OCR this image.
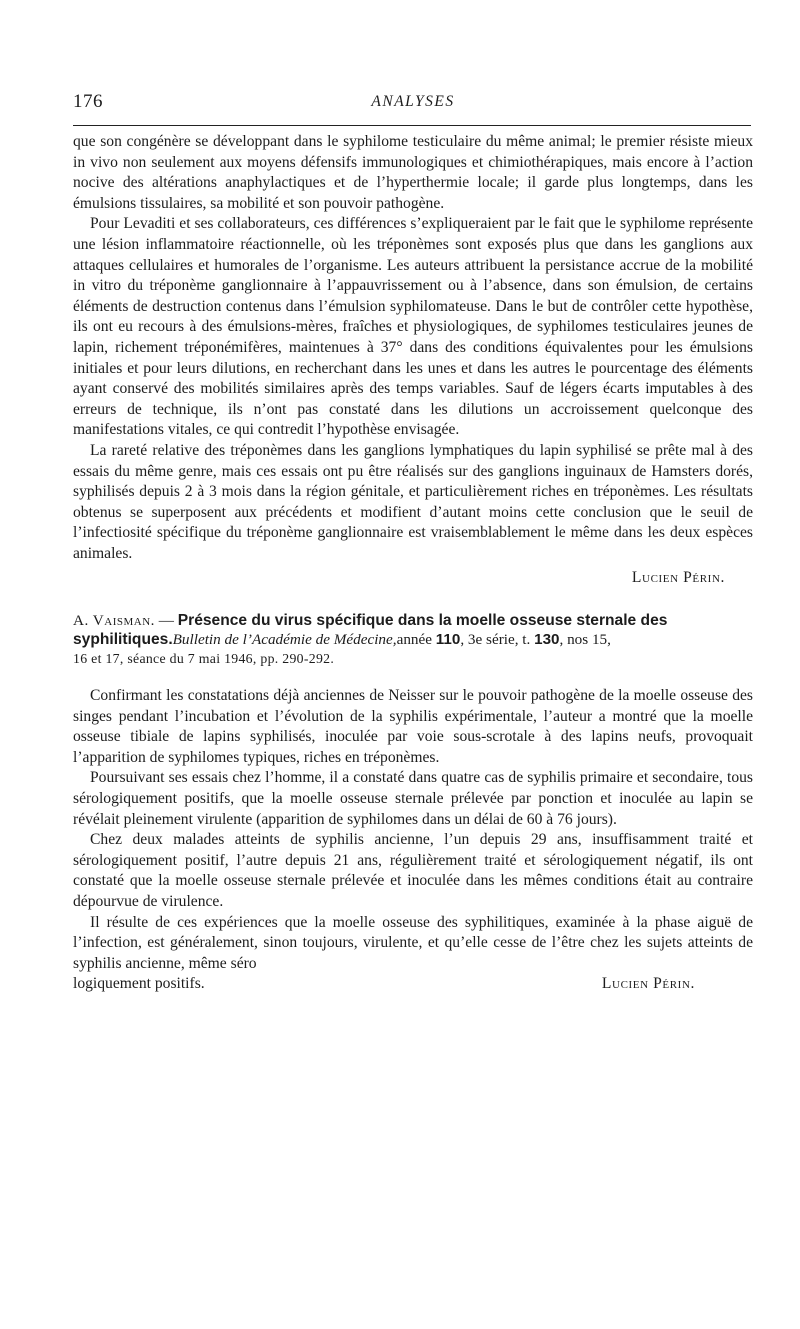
176	ANALYSES

que son congénère se développant dans le syphilome testiculaire du même animal; le premier résiste mieux in vivo non seulement aux moyens défensifs immunologiques et chimiothérapiques, mais encore à l’action nocive des altérations anaphylactiques et de l’hyperthermie locale; il garde plus longtemps, dans les émulsions tissulaires, sa mobilité et son pouvoir pathogène.

Pour Levaditi et ses collaborateurs, ces différences s’expliqueraient par le fait que le syphilome représente une lésion inflammatoire réactionnelle, où les tréponèmes sont exposés plus que dans les ganglions aux attaques cellulaires et humorales de l’organisme. Les auteurs attribuent la persistance accrue de la mobilité in vitro du tréponème ganglionnaire à l’appauvrissement ou à l’absence, dans son émulsion, de certains éléments de destruction contenus dans l’émulsion syphilomateuse. Dans le but de contrôler cette hypothèse, ils ont eu recours à des émulsions-mères, fraîches et physiologiques, de syphilomes testiculaires jeunes de lapin, richement tréponémifères, maintenues à 37° dans des conditions équivalentes pour les émulsions initiales et pour leurs dilutions, en recherchant dans les unes et dans les autres le pourcentage des éléments ayant conservé des mobilités similaires après des temps variables. Sauf de légers écarts imputables à des erreurs de technique, ils n’ont pas constaté dans les dilutions un accroissement quelconque des manifestations vitales, ce qui contredit l’hypothèse envisagée.

La rareté relative des tréponèmes dans les ganglions lymphatiques du lapin syphilisé se prête mal à des essais du même genre, mais ces essais ont pu être réalisés sur des ganglions inguinaux de Hamsters dorés, syphilisés depuis 2 à 3 mois dans la région génitale, et particulièrement riches en tréponèmes. Les résultats obtenus se superposent aux précédents et modifient d’autant moins cette conclusion que le seuil de l’infectiosité spécifique du tréponème ganglionnaire est vraisemblablement le même dans les deux espèces animales.

Lucien Périn.
A. Vaisman. — Présence du virus spécifique dans la moelle osseuse sternale des syphilitiques.Bulletin de l’Académie de Médecine,année 110, 3e série, t. 130, nos 15,
16 et 17, séance du 7 mai 1946, pp. 290-292.

Confirmant les constatations déjà anciennes de Neisser sur le pouvoir pathogène de la moelle osseuse des singes pendant l’incubation et l’évolution de la syphilis expérimentale, l’auteur a montré que la moelle osseuse tibiale de lapins syphilisés, inoculée par voie sous-scrotale à des lapins neufs, provoquait l’apparition de syphilomes typiques, riches en tréponèmes.

Poursuivant ses essais chez l’homme, il a constaté dans quatre cas de syphilis primaire et secondaire, tous sérologiquement positifs, que la moelle osseuse sternale prélevée par ponction et inoculée au lapin se révélait pleinement virulente (apparition de syphilomes dans un délai de 60 à 76 jours).

Chez deux malades atteints de syphilis ancienne, l’un depuis 29 ans, insuffisamment traité et sérologiquement positif, l’autre depuis 21 ans, régulièrement traité et sérologiquement négatif, ils ont constaté que la moelle osseuse sternale prélevée et inoculée dans les mêmes conditions était au contraire dépourvue de virulence.

Il résulte de ces expériences que la moelle osseuse des syphilitiques, examinée à la phase aiguë de l’infection, est généralement, sinon toujours, virulente, et qu’elle cesse de l’être chez les sujets atteints de syphilis ancienne, même séro

logiquement positifs.	Lucien Périn.
